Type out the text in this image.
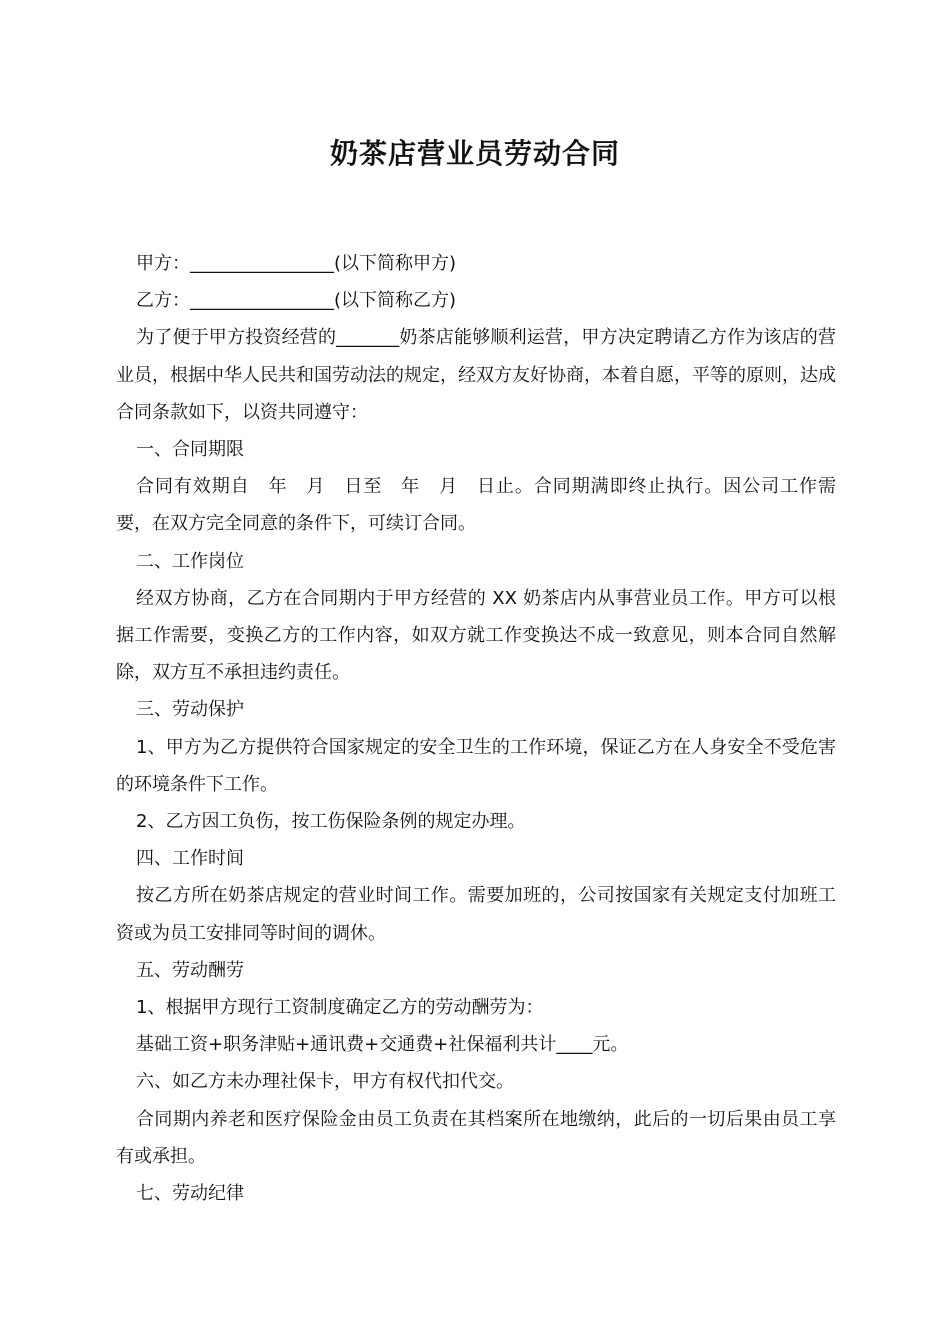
奶茶店营业员劳动合同

甲方：________________(以下简称甲方)

乙方：________________(以下简称乙方)

为了便于甲方投资经营的_______奶茶店能够顺利运营，甲方决定聘请乙方作为该店的营业员，根据中华人民共和国劳动法的规定，经双方友好协商，本着自愿，平等的原则，达成合同条款如下，以资共同遵守：

一、合同期限

合同有效期自　年　月　日至　年　月　日止。合同期满即终止执行。因公司工作需要，在双方完全同意的条件下，可续订合同。

二、工作岗位

经双方协商，乙方在合同期内于甲方经营的 XX 奶茶店内从事营业员工作。甲方可以根据工作需要，变换乙方的工作内容，如双方就工作变换达不成一致意见，则本合同自然解除，双方互不承担违约责任。

三、劳动保护

1、甲方为乙方提供符合国家规定的安全卫生的工作环境，保证乙方在人身安全不受危害的环境条件下工作。

2、乙方因工负伤，按工伤保险条例的规定办理。

四、工作时间

按乙方所在奶茶店规定的营业时间工作。需要加班的，公司按国家有关规定支付加班工资或为员工安排同等时间的调休。

五、劳动酬劳

1、根据甲方现行工资制度确定乙方的劳动酬劳为：

基础工资+职务津贴+通讯费+交通费+社保福利共计____元。

六、如乙方未办理社保卡，甲方有权代扣代交。

合同期内养老和医疗保险金由员工负责在其档案所在地缴纳，此后的一切后果由员工享有或承担。

七、劳动纪律
